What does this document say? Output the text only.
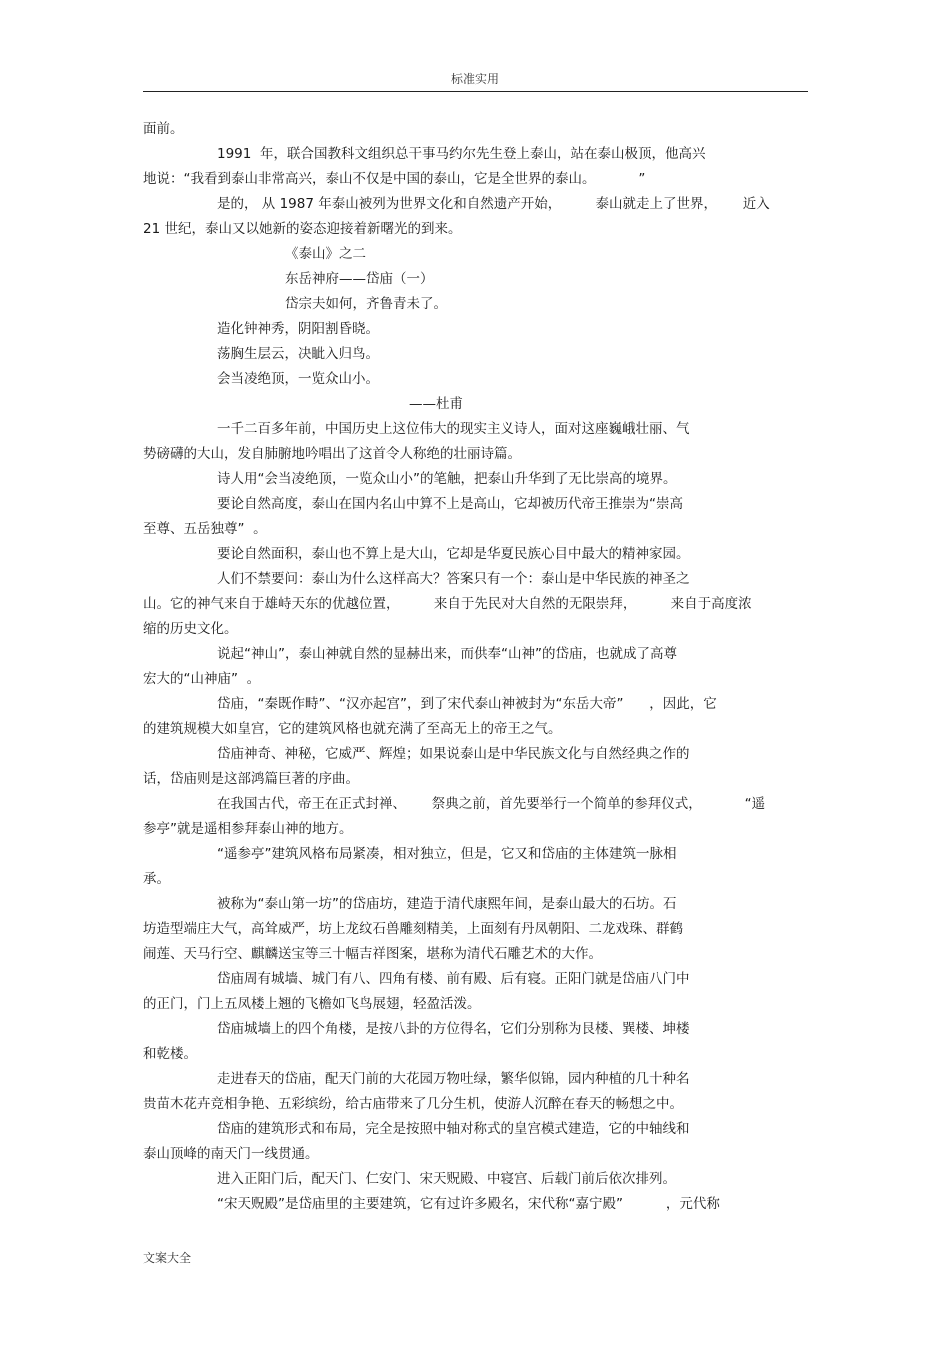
标准实用
面前。
1991  年，联合国教科文组织总干事马约尔先生登上泰山，站在泰山极顶，他高兴
地说：“我看到泰山非常高兴，泰山不仅是中国的泰山，它是全世界的泰山。          ”
是的， 从 1987 年泰山被列为世界文化和自然遗产开始，        泰山就走上了世界，      近入
21 世纪，泰山又以她新的姿态迎接着新曙光的到来。
《泰山》之二
东岳神府——岱庙（一）
岱宗夫如何，齐鲁青未了。
造化钟神秀，阴阳割昏晓。
荡胸生层云，决眦入归鸟。
会当凌绝顶，一览众山小。
——杜甫
一千二百多年前，中国历史上这位伟大的现实主义诗人，面对这座巍峨壮丽、气
势磅礴的大山，发自肺腑地吟唱出了这首令人称绝的壮丽诗篇。
诗人用“会当凌绝顶，一览众山小”的笔触，把泰山升华到了无比崇高的境界。
要论自然高度，泰山在国内名山中算不上是高山，它却被历代帝王推崇为“崇高
至尊、五岳独尊”  。
要论自然面积，泰山也不算上是大山，它却是华夏民族心目中最大的精神家园。
人们不禁要问：泰山为什么这样高大？答案只有一个：泰山是中华民族的神圣之
山。它的神气来自于雄峙天东的优越位置，        来自于先民对大自然的无限崇拜，        来自于高度浓
缩的历史文化。
说起“神山”，泰山神就自然的显赫出来，而供奉“山神”的岱庙，也就成了高尊
宏大的“山神庙”  。
岱庙，“秦既作畤”、“汉亦起宫”，到了宋代泰山神被封为“东岳大帝”      ，因此，它
的建筑规模大如皇宫，它的建筑风格也就充满了至高无上的帝王之气。
岱庙神奇、神秘，它威严、辉煌；如果说泰山是中华民族文化与自然经典之作的
话，岱庙则是这部鸿篇巨著的序曲。
在我国古代，帝王在正式封禅、      祭典之前，首先要举行一个简单的参拜仪式，          “遥
参亭”就是遥相参拜泰山神的地方。
“遥参亭”建筑风格布局紧凑，相对独立，但是，它又和岱庙的主体建筑一脉相
承。
被称为“泰山第一坊”的岱庙坊，建造于清代康熙年间，是泰山最大的石坊。石
坊造型端庄大气，高耸威严，坊上龙纹石兽雕刻精美，上面刻有丹凤朝阳、二龙戏珠、群鹤
闹莲、天马行空、麒麟送宝等三十幅吉祥图案，堪称为清代石雕艺术的大作。
岱庙周有城墙、城门有八、四角有楼、前有殿、后有寝。正阳门就是岱庙八门中
的正门，门上五凤楼上翘的飞檐如飞鸟展翅，轻盈活泼。
岱庙城墙上的四个角楼，是按八卦的方位得名，它们分别称为艮楼、巽楼、坤楼
和乾楼。
走进春天的岱庙，配天门前的大花园万物吐绿，繁华似锦，园内种植的几十种名
贵苗木花卉竞相争艳、五彩缤纷，给古庙带来了几分生机，使游人沉醉在春天的畅想之中。
岱庙的建筑形式和布局，完全是按照中轴对称式的皇宫模式建造，它的中轴线和
泰山顶峰的南天门一线贯通。
进入正阳门后，配天门、仁安门、宋天贶殿、中寝宫、后载门前后依次排列。
“宋天贶殿”是岱庙里的主要建筑，它有过许多殿名，宋代称“嘉宁殿”          ，元代称
文案大全
